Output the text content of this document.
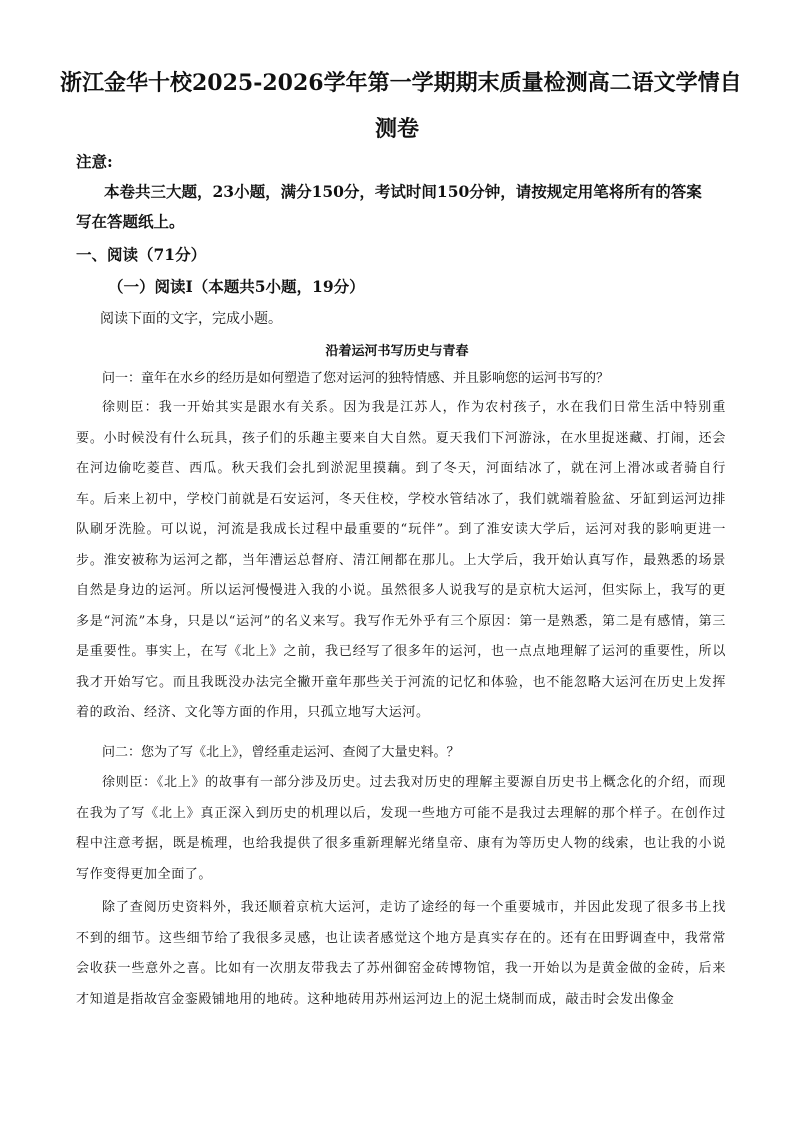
浙江金华十校2025-2026学年第一学期期末质量检测高二语文学情自
测卷
注意:
本卷共三大题，23小题，满分150分，考试时间150分钟，请按规定用笔将所有的答案
写在答题纸上。
一、阅读（71分）
（一）阅读Ⅰ（本题共5小题，19分）
阅读下面的文字，完成小题。
沿着运河书写历史与青春

问一：童年在水乡的经历是如何塑造了您对运河的独特情感、并且影响您的运河书写的？

徐则臣：我一开始其实是跟水有关系。因为我是江苏人，作为农村孩子，水在我们日常生活中特别重要。小时候没有什么玩具，孩子们的乐趣主要来自大自然。夏天我们下河游泳，在水里捉迷藏、打闹，还会在河边偷吃菱苣、西瓜。秋天我们会扎到淤泥里摸藕。到了冬天，河面结冰了，就在河上滑冰或者骑自行车。后来上初中，学校门前就是石安运河，冬天住校，学校水管结冰了，我们就端着脸盆、牙缸到运河边排队刷牙洗脸。可以说，河流是我成长过程中最重要的“玩伴”。到了淮安读大学后，运河对我的影响更进一步。淮安被称为运河之都，当年漕运总督府、清江闸都在那儿。上大学后，我开始认真写作，最熟悉的场景自然是身边的运河。所以运河慢慢进入我的小说。虽然很多人说我写的是京杭大运河，但实际上，我写的更多是“河流”本身，只是以“运河”的名义来写。我写作无外乎有三个原因：第一是熟悉，第二是有感情，第三是重要性。事实上，在写《北上》之前，我已经写了很多年的运河，也一点点地理解了运河的重要性，所以我才开始写它。而且我既没办法完全撇开童年那些关于河流的记忆和体验，也不能忽略大运河在历史上发挥着的政治、经济、文化等方面的作用，只孤立地写大运河。

问二：您为了写《北上》，曾经重走运河、查阅了大量史料。？

徐则臣：《北上》的故事有一部分涉及历史。过去我对历史的理解主要源自历史书上概念化的介绍，而现在我为了写《北上》真正深入到历史的机理以后，发现一些地方可能不是我过去理解的那个样子。在创作过程中注意考据，既是梳理，也给我提供了很多重新理解光绪皇帝、康有为等历史人物的线索，也让我的小说写作变得更加全面了。

除了查阅历史资料外，我还顺着京杭大运河，走访了途经的每一个重要城市，并因此发现了很多书上找不到的细节。这些细节给了我很多灵感，也让读者感觉这个地方是真实存在的。还有在田野调查中，我常常会收获一些意外之喜。比如有一次朋友带我去了苏州御窑金砖博物馆，我一开始以为是黄金做的金砖，后来才知道是指故宫金銮殿铺地用的地砖。这种地砖用苏州运河边上的泥土烧制而成，敲击时会发出像金
